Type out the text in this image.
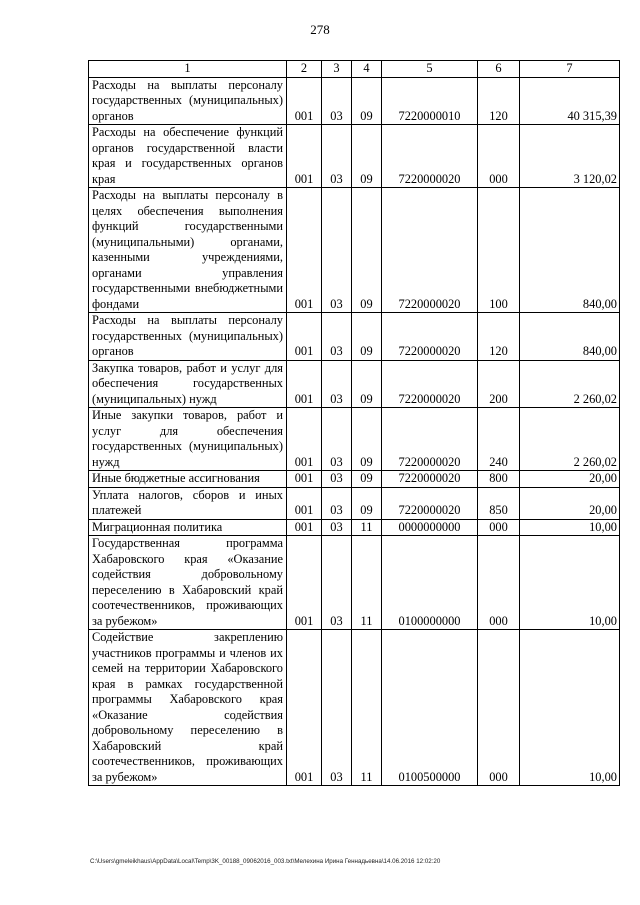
278
1	2	3	4	5	6	7
Расходы на выплаты персоналу государственных (муниципальных) органов	001	03	09	7220000010	120	40 315,39
Расходы на обеспечение функций органов государственной власти края и государственных органов края	001	03	09	7220000020	000	3 120,02
Расходы на выплаты персоналу в целях обеспечения выполнения функций государственными (муниципальными) органами, казенными учреждениями, органами управления государственными внебюджетными фондами	001	03	09	7220000020	100	840,00
Расходы на выплаты персоналу государственных (муниципальных) органов	001	03	09	7220000020	120	840,00
Закупка товаров, работ и услуг для обеспечения государственных (муниципальных) нужд	001	03	09	7220000020	200	2 260,02
Иные закупки товаров, работ и услуг для обеспечения государственных (муниципальных) нужд	001	03	09	7220000020	240	2 260,02
Иные бюджетные ассигнования	001	03	09	7220000020	800	20,00
Уплата налогов, сборов и иных платежей	001	03	09	7220000020	850	20,00
Миграционная политика	001	03	11	0000000000	000	10,00
Государственная программа Хабаровского края «Оказание содействия добровольному переселению в Хабаровский край соотечественников, проживающих за рубежом»	001	03	11	0100000000	000	10,00
Содействие закреплению участников программы и членов их семей на территории Хабаровского края в рамках государственной программы Хабаровского края «Оказание содействия добровольному переселению в Хабаровский край соотечественников, проживающих за рубежом»	001	03	11	0100500000	000	10,00
C:\Users\gmeleikhaus\AppData\Local\Temp\3K_00188_09062016_003.txt\Мелехина Ирина Геннадьевна\14.06.2016 12:02:20
